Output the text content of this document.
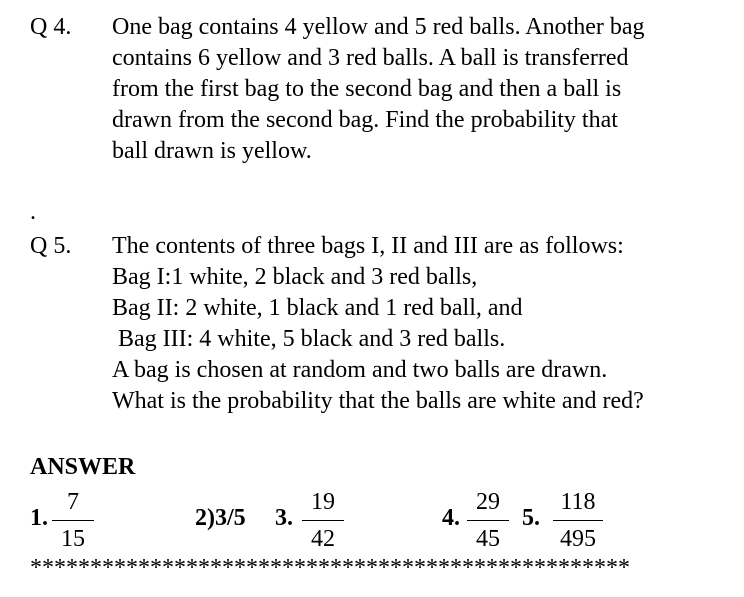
Q 4. One bag contains 4 yellow and 5 red balls. Another bag
contains 6 yellow and 3 red balls. A ball is transferred
from the first bag to the second bag and then a ball is
drawn from the second bag. Find the probability that
ball drawn is yellow.
.
Q 5. The contents of three bags I, II and III are as follows:
Bag I:1 white, 2 black and 3 red balls,
Bag II: 2 white, 1 black and 1 red ball, and
Bag III: 4 white, 5 black and 3 red balls.
A bag is chosen at random and two balls are drawn.
What is the probability that the balls are white and red?
ANSWER
1.
7
15
2)3/5 3.
19
42
4.
29
45
5.
118
495
**************************************************
